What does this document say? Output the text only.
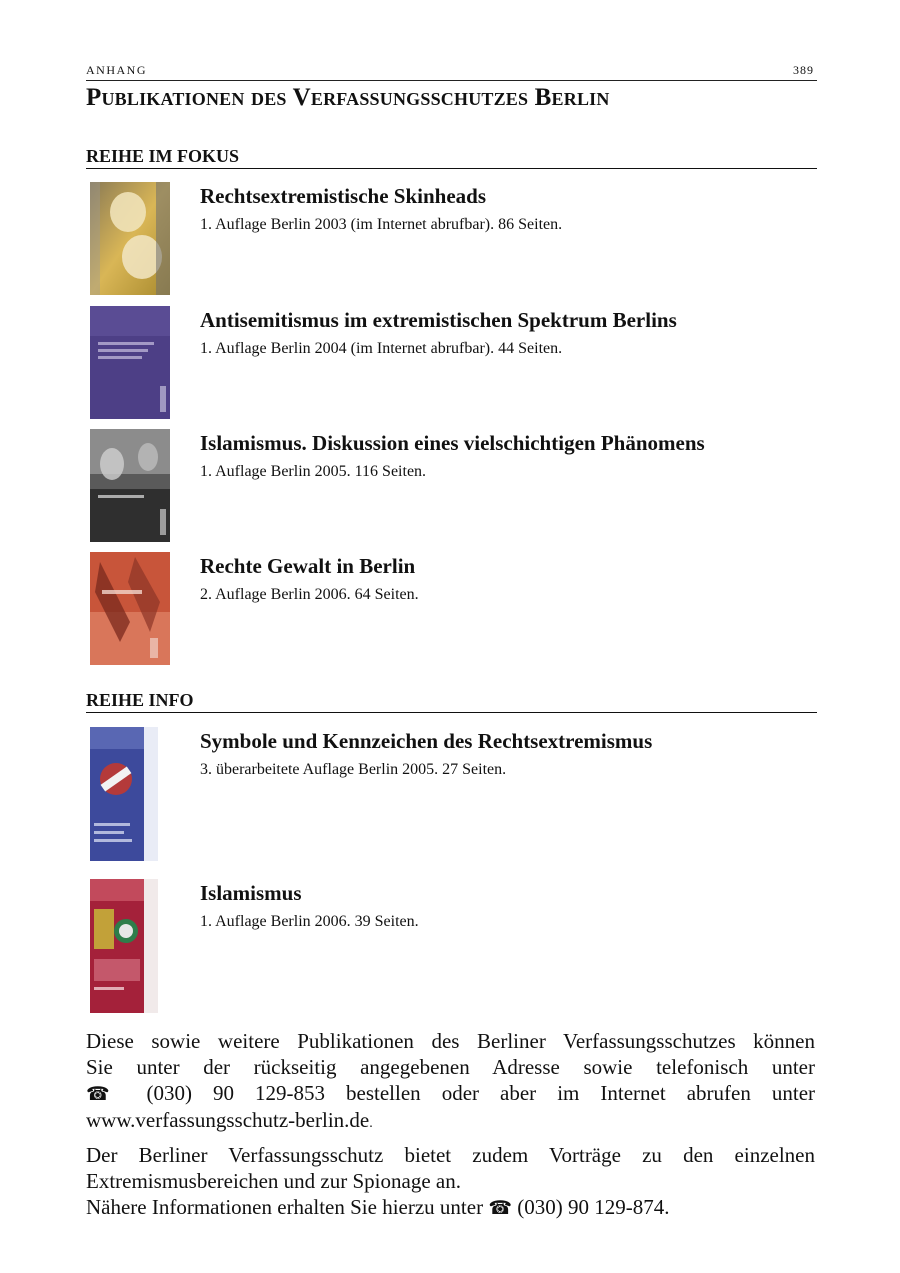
ANHANG	389
Publikationen des Verfassungsschutzes Berlin
REIHE IM FOKUS
Rechtsextremistische Skinheads
1. Auflage Berlin 2003 (im Internet abrufbar). 86 Seiten.
Antisemitismus im extremistischen Spektrum Berlins
1. Auflage Berlin 2004 (im Internet abrufbar). 44 Seiten.
Islamismus. Diskussion eines vielschichtigen Phänomens
1. Auflage Berlin 2005. 116 Seiten.
Rechte Gewalt in Berlin
2. Auflage Berlin 2006. 64 Seiten.
REIHE INFO
Symbole und Kennzeichen des Rechtsextremismus
3. überarbeitete Auflage Berlin 2005. 27 Seiten.
Islamismus
1. Auflage Berlin 2006. 39 Seiten.
Diese sowie weitere Publikationen des Berliner Verfassungsschutzes können
Sie unter der rückseitig angegebenen Adresse sowie telefonisch unter
☎ (030) 90 129-853 bestellen oder aber im Internet abrufen unter
www.verfassungsschutz-berlin.de.
Der Berliner Verfassungsschutz bietet zudem Vorträge zu den einzelnen
Extremismusbereichen und zur Spionage an.
Nähere Informationen erhalten Sie hierzu unter ☎ (030) 90 129-874.
